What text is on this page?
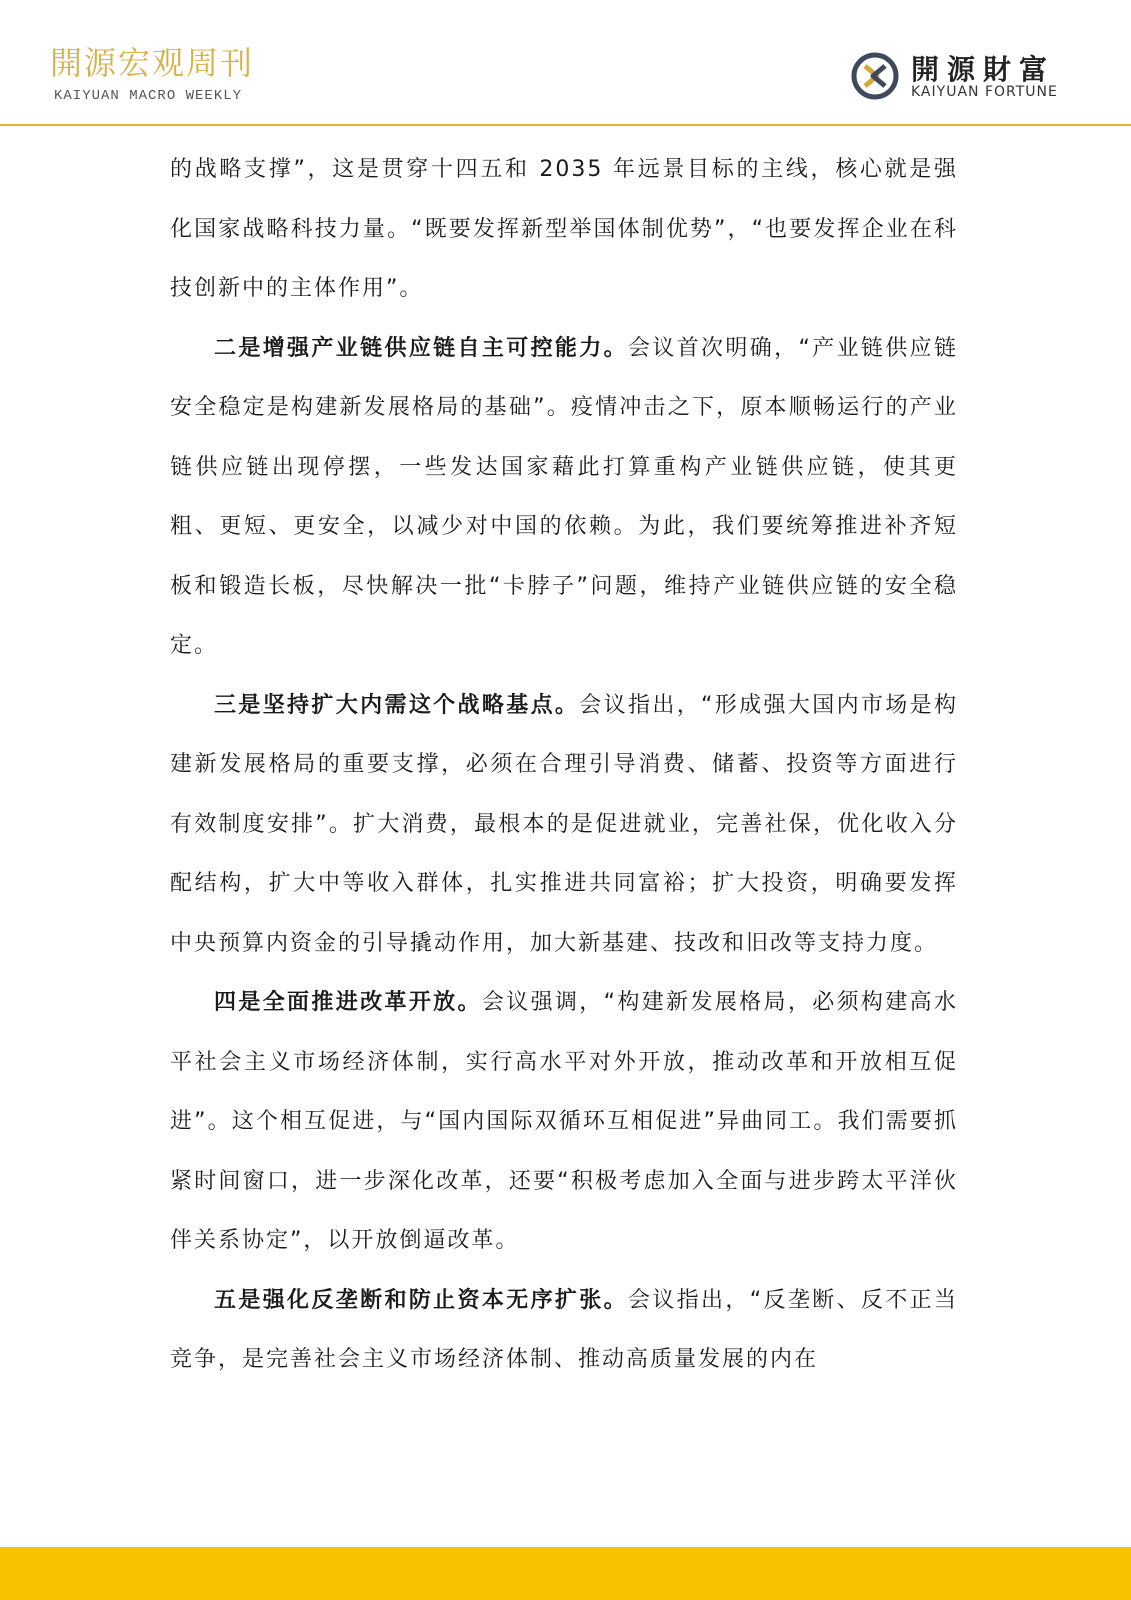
開源宏观周刊
KAIYUAN MACRO WEEKLY
開源財富
KAIYUAN FORTUNE

的战略支撑”，这是贯穿十四五和 2035 年远景目标的主线，核心就是强化国家战略科技力量。“既要发挥新型举国体制优势”，“也要发挥企业在科技创新中的主体作用”。

二是增强产业链供应链自主可控能力。会议首次明确，“产业链供应链安全稳定是构建新发展格局的基础”。疫情冲击之下，原本顺畅运行的产业链供应链出现停摆，一些发达国家藉此打算重构产业链供应链，使其更粗、更短、更安全，以减少对中国的依赖。为此，我们要统筹推进补齐短板和锻造长板，尽快解决一批“卡脖子”问题，维持产业链供应链的安全稳定。

三是坚持扩大内需这个战略基点。会议指出，“形成强大国内市场是构建新发展格局的重要支撑，必须在合理引导消费、储蓄、投资等方面进行有效制度安排”。扩大消费，最根本的是促进就业，完善社保，优化收入分配结构，扩大中等收入群体，扎实推进共同富裕；扩大投资，明确要发挥中央预算内资金的引导撬动作用，加大新基建、技改和旧改等支持力度。

四是全面推进改革开放。会议强调，“构建新发展格局，必须构建高水平社会主义市场经济体制，实行高水平对外开放，推动改革和开放相互促进”。这个相互促进，与“国内国际双循环互相促进”异曲同工。我们需要抓紧时间窗口，进一步深化改革，还要“积极考虑加入全面与进步跨太平洋伙伴关系协定”，以开放倒逼改革。

五是强化反垄断和防止资本无序扩张。会议指出，“反垄断、反不正当竞争，是完善社会主义市场经济体制、推动高质量发展的内在
